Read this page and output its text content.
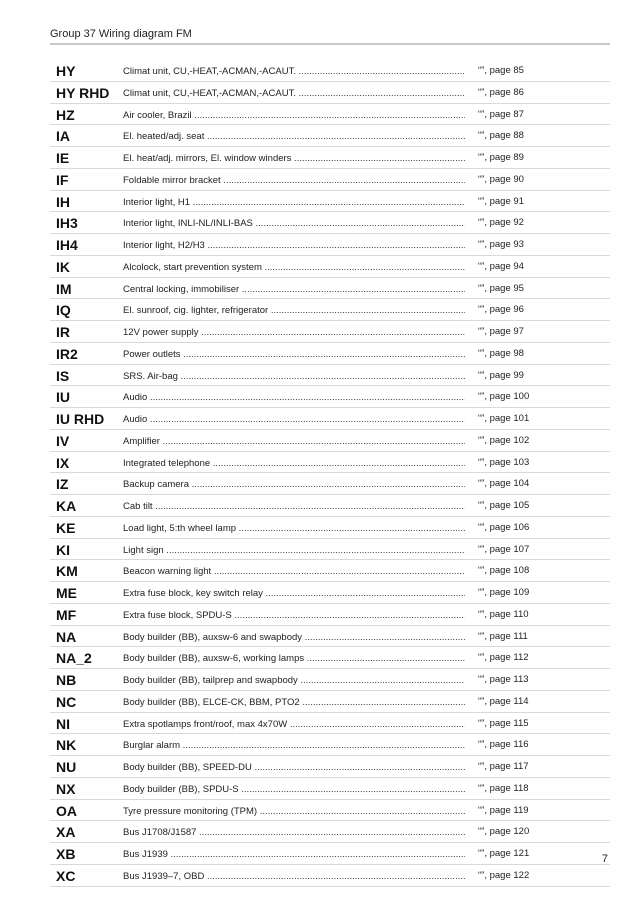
Group 37 Wiring diagram FM
HY	Climat unit, CU,-HEAT,-ACMAN,-ACAUT. .....	“”, page 85
HY RHD Climat unit, CU,-HEAT,-ACMAN,-ACAUT. .....	“”, page 86
HZ	Air cooler, Brazil .....	“”, page 87
IA	El. heated/adj. seat .....	“”, page 88
IE	El. heat/adj. mirrors, El. window winders .....	“”, page 89
IF	Foldable mirror bracket .....	“”, page 90
IH	Interior light, H1 .....	“”, page 91
IH3	Interior light, INLI-NL/INLI-BAS .....	“”, page 92
IH4	Interior light, H2/H3 .....	“”, page 93
IK	Alcolock, start prevention system .....	“”, page 94
IM	Central locking, immobiliser .....	“”, page 95
IQ	El. sunroof, cig. lighter, refrigerator .....	“”, page 96
IR	12V power supply .....	“”, page 97
IR2	Power outlets .....	“”, page 98
IS	SRS. Air-bag .....	“”, page 99
IU	Audio .....	“”, page 100
IU RHD Audio .....	“”, page 101
IV	Amplifier .....	“”, page 102
IX	Integrated telephone .....	“”, page 103
IZ	Backup camera .....	“”, page 104
KA	Cab tilt .....	“”, page 105
KE	Load light, 5:th wheel lamp .....	“”, page 106
KI	Light sign .....	“”, page 107
KM	Beacon warning light .....	“”, page 108
ME	Extra fuse block, key switch relay .....	“”, page 109
MF	Extra fuse block, SPDU-S .....	“”, page 110
NA	Body builder (BB), auxsw-6 and swapbody .....	“”, page 111
NA_2	Body builder (BB), auxsw-6, working lamps .....	“”, page 112
NB	Body builder (BB), tailprep and swapbody .....	“”, page 113
NC	Body builder (BB), ELCE-CK, BBM, PTO2 .....	“”, page 114
NI	Extra spotlamps front/roof, max 4x70W .....	“”, page 115
NK	Burglar alarm .....	“”, page 116
NU	Body builder (BB), SPEED-DU .....	“”, page 117
NX	Body builder (BB), SPDU-S .....	“”, page 118
OA	Tyre pressure monitoring (TPM) .....	“”, page 119
XA	Bus J1708/J1587 .....	“”, page 120
XB	Bus J1939 .....	“”, page 121
XC	Bus J1939–7, OBD .....	“”, page 122
7
